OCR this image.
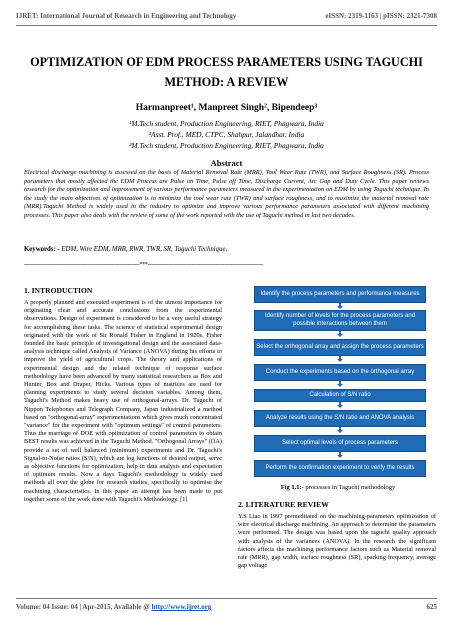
IJRET: International Journal of Research in Engineering and Technology	eISSN: 2319-1163 | pISSN: 2321-7308
OPTIMIZATION OF EDM PROCESS PARAMETERS USING TAGUCHI
METHOD: A REVIEW
Harmanpreet¹, Manpreet Singh², Bipendeep³
¹M.Tech student, Production Engineering, RIET, Phagwara, India
²Asst. Prof., MED, CTPC, Shahpur, Jalandhar, India
³M.Tech student, Production Engineering, RIET, Phagwara, India
Abstract
Electrical discharge machining is assessed on the basis of Material Removal Rate (MRR), Tool Wear Rate (TWR), and Surface Roughness (SR). Process parameters that mostly affected the EDM Process are Pulse on Time, Pulse off Time, Discharge Current, Arc Gap and Duty Cycle. This paper reviews research for the optimization and improvement of various performance parameters measured in the experimentation on EDM by using Taguchi technique. In the study the main objectives of optimization is to minimize the tool wear rate (TWR) and surface roughness, and to maximize the material removal rate (MRR).Taguchi Method is widely used in the industry to optimize and improve various performance parameters associated with different machining processes. This paper also deals with the review of some of the work reported with the use of Taguchi method in last two decades.
Keywords: - EDM, Wire EDM, MRR, RWR, TWR, SR, Taguchi Technique,
--------------------------------------------------------------------***--------------------------------------------------------------------
1. INTRODUCTION
A properly planned and executed experiment is of the utmost importance for originating clear and accurate conclusions from the experimental observations. Design of experiment is considered to be a very useful strategy for accomplishing these tasks. The science of statistical experimental design originated with the work of Sir Ronald Fisher in England in 1920s. Fisher founded the basic principle of investigational design and the associated data-analysis technique called Analysis of Variance (ANOVA) during his efforts to improve the yield of agricultural crops. The theory and applications of experimental design and the related technique of response surface methodology have been advanced by many statistical researchers as Box and Hunter, Box and Draper, Hicks. Various types of matrices are used for planning experiments to study several decision variables. Among them, Taguchi's Method makes heavy use of orthogonal-arrays. Dr. Taguchi of Nippon Telephones and Telegraph Company, Japan industrialized a method based on "orthogonal-array" experimentations which gives much concentrated "variance" for the experiment with "optimum settings" of control parameters. Thus the marriage of DOE with optimization of control parameters to obtain BEST results was achieved in the Taguchi Method. "Orthogonal Arrays" (OA) provide a set of well balanced (minimum) experiments and Dr. Taguchi's Signal-to-Noise ratios (S/N), which are log functions of desired output, serve as objective functions for optimization, help in data analysis and expectation of optimum results. Now a days Taguchi's methodology is widely used methods all over the globe for research studies, specifically to optimise the machining characteristics. In this paper an attempt has been made to put together some of the work done with Taguchi's Methodology. [1]
Identify the process parameters and performance measures
Identify number of levels for the process parameters and possible interactions between them
Select the orthogonal array and assign the process parameters
Conduct the experiments based on the orthogonal array
Calculation of S/N ratio
Analyze results using the S/N ratio and ANOVA analysis
Select optimal levels of process parameters
Perform the confirmation experiment to verify the results
Fig 1.1:- processes in Taguchi methodology
2. LITERATURE REVIEW
Y.S Liao in 1997 premeditated on the machining-parameters optimization of wire electrical discharge machining. An approach to determine the parameters were performed. The design was based upon the taguchi quality approach with analysis of the variances (ANOVA). In the research the significant factors affects the machining performance factors such as Material removal rate (MRR), gap width, surface roughness (SR), sparking frequency, average gap voltage
Volume: 04 Issue: 04 | Apr-2015, Available @ http://www.ijret.org	625
